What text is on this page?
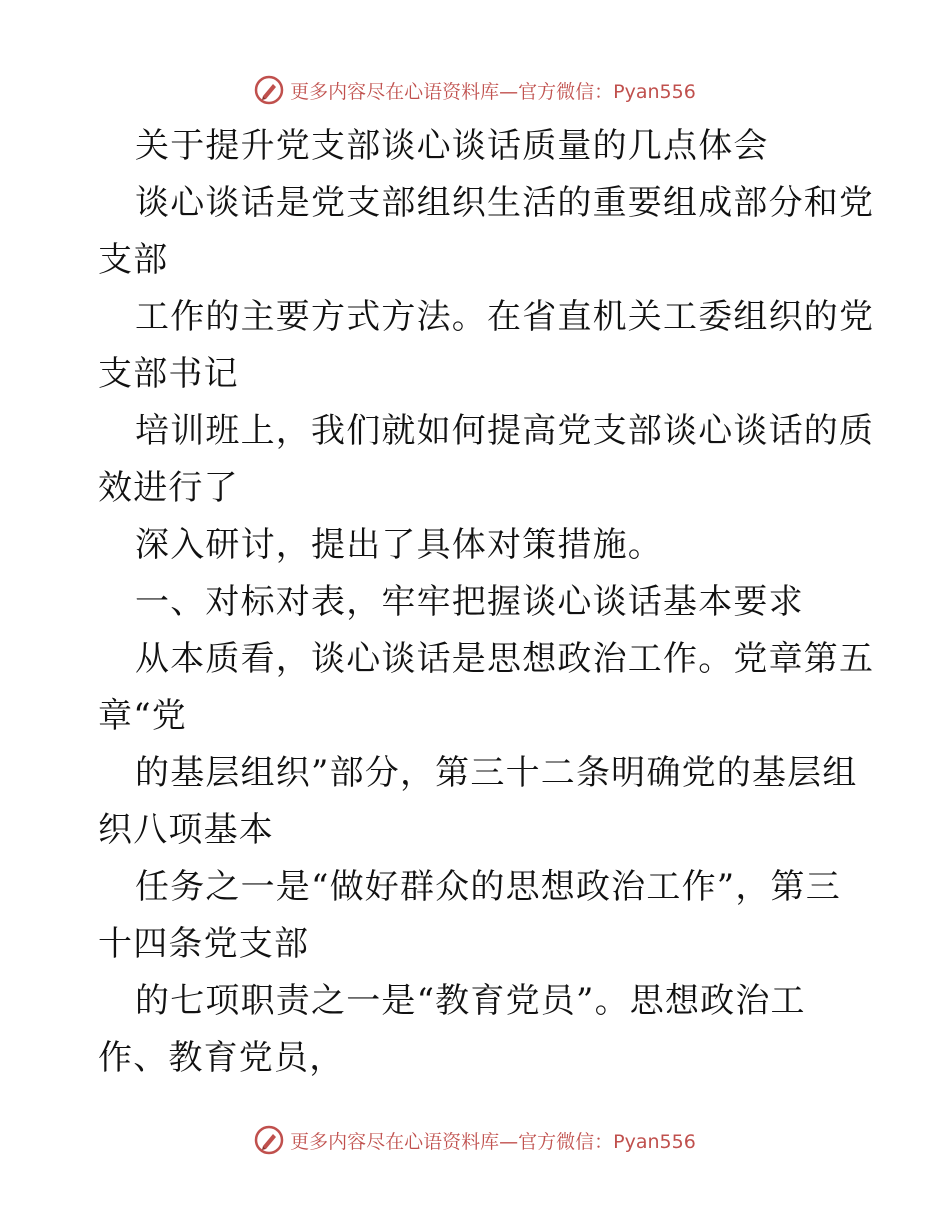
更多内容尽在心语资料库—官方微信：Pyan556
关于提升党支部谈心谈话质量的几点体会
谈心谈话是党支部组织生活的重要组成部分和党
支部
工作的主要方式方法。在省直机关工委组织的党
支部书记
培训班上，我们就如何提高党支部谈心谈话的质
效进行了
深入研讨，提出了具体对策措施。
一、对标对表，牢牢把握谈心谈话基本要求
从本质看，谈心谈话是思想政治工作。党章第五
章“党
的基层组织”部分，第三十二条明确党的基层组
织八项基本
任务之一是“做好群众的思想政治工作”，第三
十四条党支部
的七项职责之一是“教育党员”。思想政治工
作、教育党员，
更多内容尽在心语资料库—官方微信：Pyan556
